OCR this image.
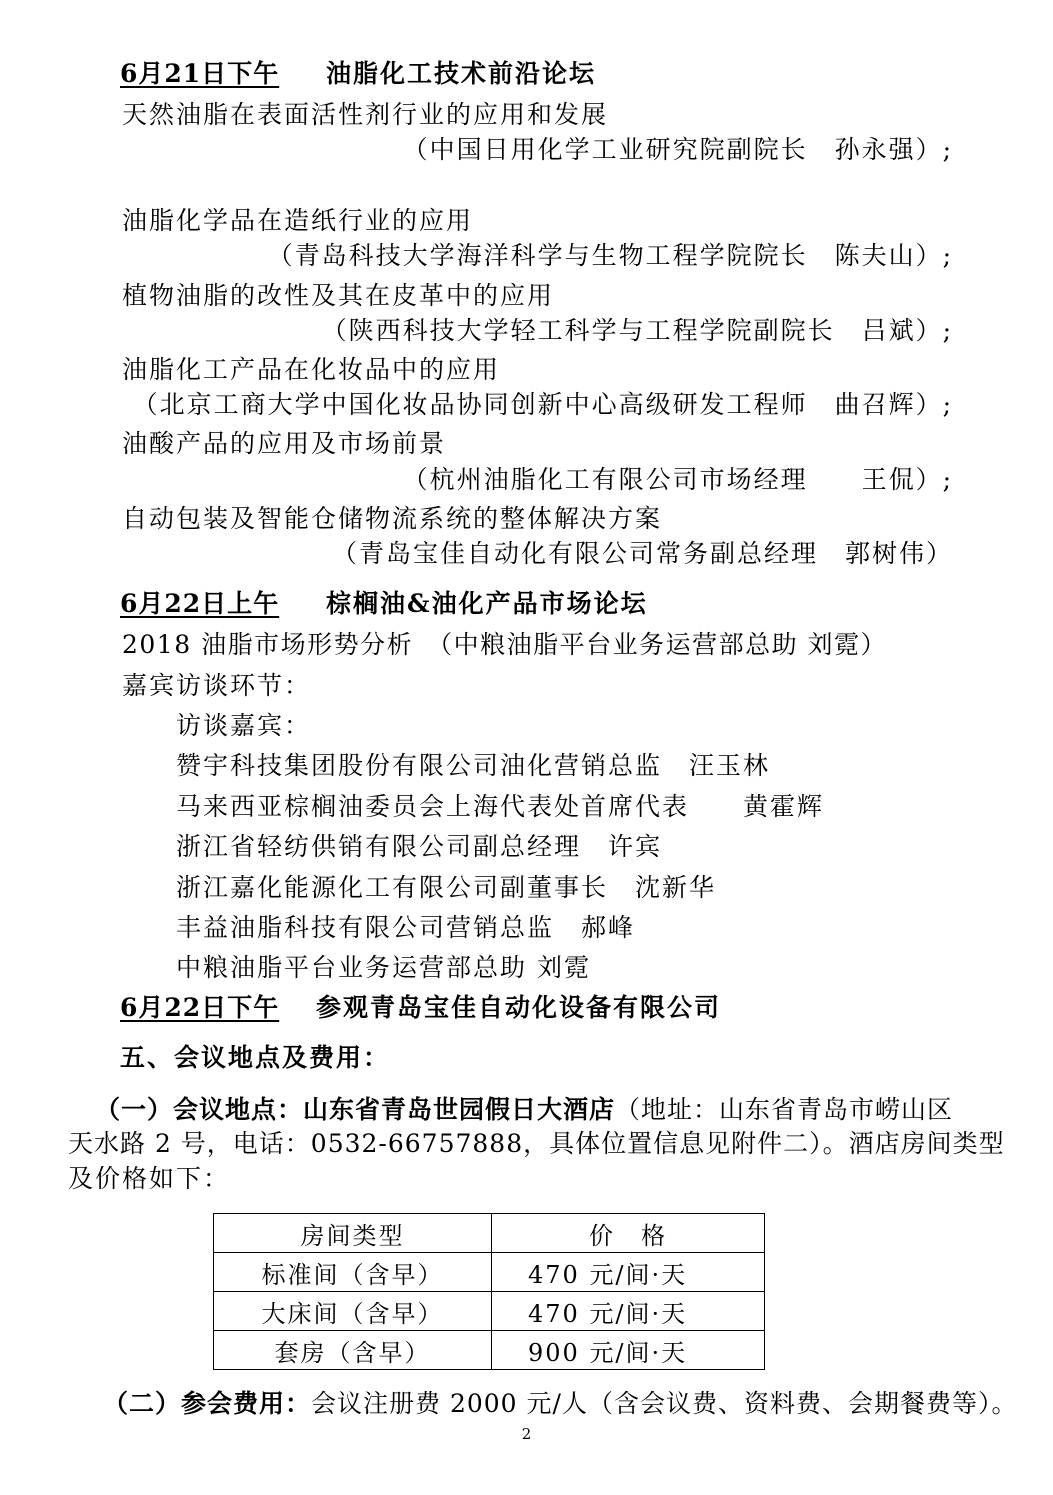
6月21日下午 油脂化工技术前沿论坛
天然油脂在表面活性剂行业的应用和发展
（中国日用化学工业研究院副院长　孙永强）;
油脂化学品在造纸行业的应用
（青岛科技大学海洋科学与生物工程学院院长　陈夫山）;
植物油脂的改性及其在皮革中的应用
（陕西科技大学轻工科学与工程学院副院长　吕斌）;
油脂化工产品在化妆品中的应用
（北京工商大学中国化妆品协同创新中心高级研发工程师　曲召辉）;
油酸产品的应用及市场前景
（杭州油脂化工有限公司市场经理　　王侃）;
自动包装及智能仓储物流系统的整体解决方案
（青岛宝佳自动化有限公司常务副总经理　郭树伟）
6月22日上午 棕榈油&油化产品市场论坛
2018 油脂市场形势分析　（中粮油脂平台业务运营部总助 刘霓）
嘉宾访谈环节：
访谈嘉宾：
赞宇科技集团股份有限公司油化营销总监　汪玉林
马来西亚棕榈油委员会上海代表处首席代表　　黄霍辉
浙江省轻纺供销有限公司副总经理　许宾
浙江嘉化能源化工有限公司副董事长　沈新华
丰益油脂科技有限公司营销总监　郝峰
中粮油脂平台业务运营部总助 刘霓
6月22日下午 参观青岛宝佳自动化设备有限公司
五、会议地点及费用：
（一）会议地点：山东省青岛世园假日大酒店（地址：山东省青岛市崂山区
天水路 2 号，电话：0532-66757888，具体位置信息见附件二）。酒店房间类型
及价格如下：
房间类型	价　格
标准间（含早）	470 元/间·天
大床间（含早）	470 元/间·天
套房（含早）	900 元/间·天
（二）参会费用：会议注册费 2000 元/人（含会议费、资料费、会期餐费等）。
2
